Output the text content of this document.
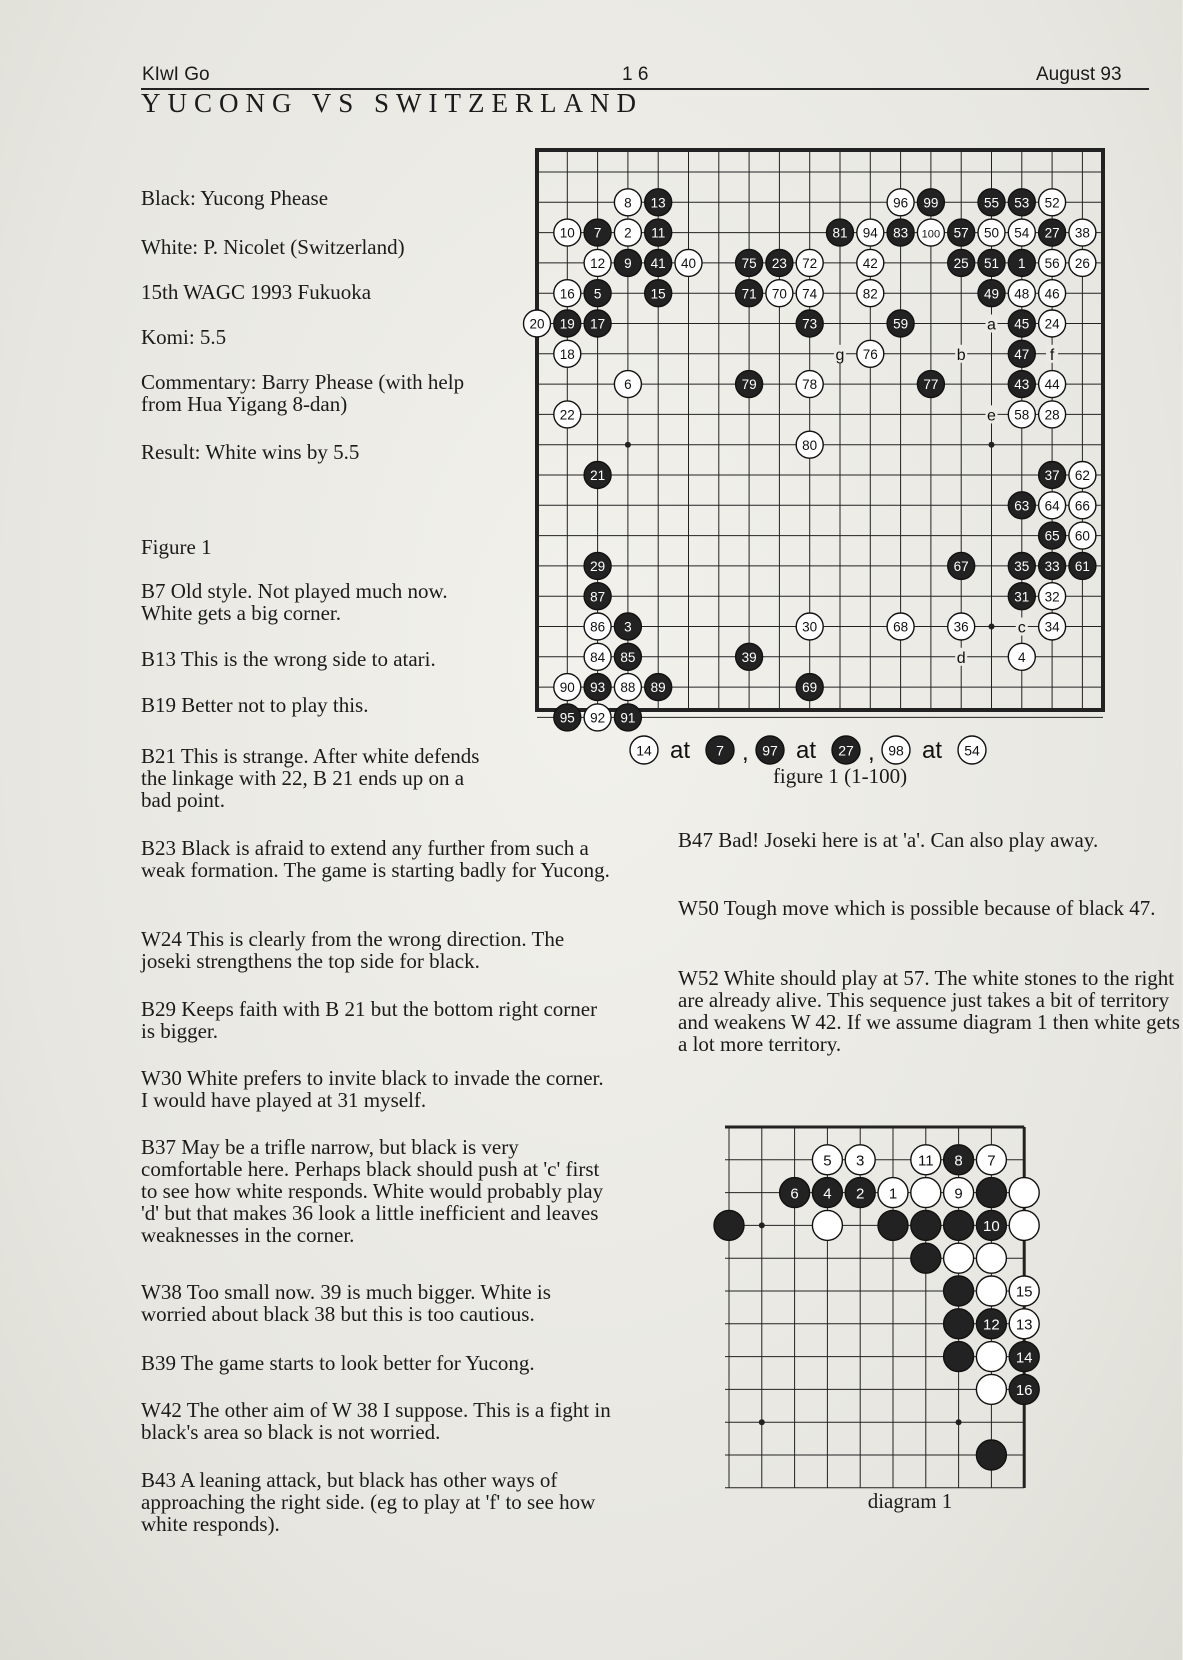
KIwI Go	1 6	August 93
YUCONG VS SWITZERLAND
Black: Yucong Phease
White: P. Nicolet (Switzerland)
15th WAGC 1993 Fukuoka
Komi: 5.5
Commentary: Barry Phease (with help from Hua Yigang 8-dan)
Result: White wins by 5.5
Figure 1
B7 Old style. Not played much now. White gets a big corner.
B13 This is the wrong side to atari.
B19 Better not to play this.
B21 This is strange. After white defends the linkage with 22, B 21 ends up on a bad point.
B23 Black is afraid to extend any further from such a weak formation. The game is starting badly for Yucong.
W24 This is clearly from the wrong direction. The joseki strengthens the top side for black.
B29 Keeps faith with B 21 but the bottom right corner is bigger.
W30 White prefers to invite black to invade the corner. I would have played at 31 myself.
B37 May be a trifle narrow, but black is very comfortable here. Perhaps black should push at 'c' first to see how white responds. White would probably play 'd' but that makes 36 look a little inefficient and leaves weaknesses in the corner.
W38 Too small now. 39 is much bigger. White is worried about black 38 but this is too cautious.
B39 The game starts to look better for Yucong.
W42 The other aim of W 38 I suppose. This is a fight in black's area so black is not worried.
B43 A leaning attack, but black has other ways of approaching the right side. (eg to play at 'f' to see how white responds).
B47 Bad! Joseki here is at 'a'. Can also play away.
W50 Tough move which is possible because of black 47.
W52 White should play at 57. The white stones to the right are already alive. This sequence just takes a bit of territory and weakens W 42. If we assume diagram 1 then white gets a lot more territory.
8 13	96 99	55 53 52
10 7 2 11	81 94 83 100 57 50 54 27 38
12 9 41 40	75 23 72	42	25 51 1 56 26
16 5	15	71 70 74	82	49 48 46
20 19 17	73	59	45 24
18	76	47
6	79	78	77	43 44
22	58 28
80
21	37 62
63 64 66
65 60
29	67	35 33 61
87	31 32
86 3	30	68	36	34
84 85	39	4
90 93 88 89	69
95 92 91
a
g	b	f
e
c
d
14 at 7 , 97 at 27 , 98 at 54
figure 1 (1-100)
5 3	11 8 7
6 4 2 1	9
10
15
12 13
14
16
diagram 1
